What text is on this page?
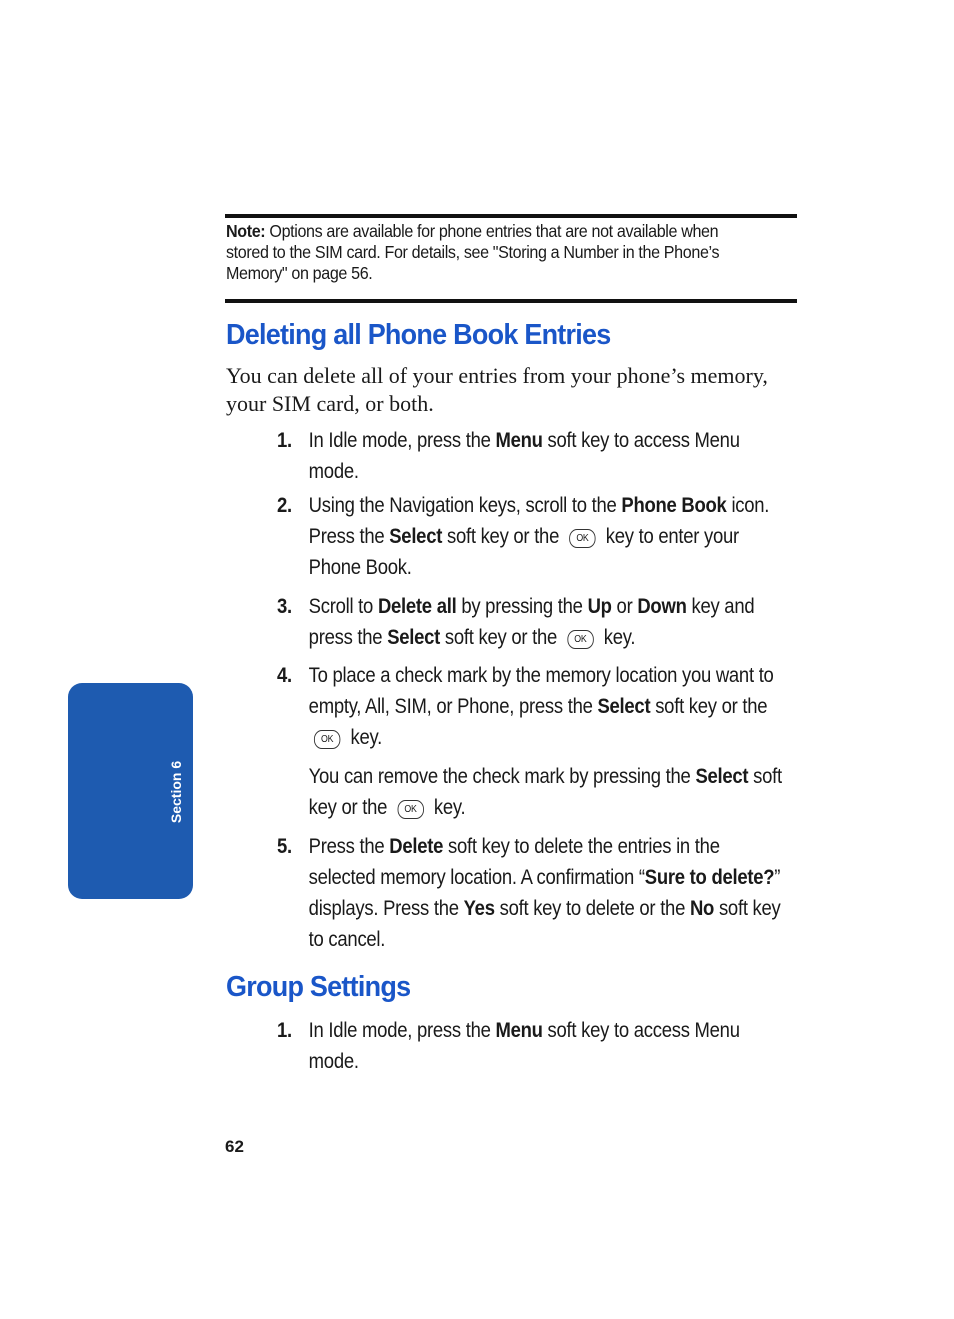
Note: Options are available for phone entries that are not available when stored to the SIM card. For details, see "Storing a Number in the Phone’s Memory" on page 56.
Deleting all Phone Book Entries
You can delete all of your entries from your phone’s memory, your SIM card, or both.
1. In Idle mode, press the Menu soft key to access Menu mode.
2. Using the Navigation keys, scroll to the Phone Book icon. Press the Select soft key or the OK key to enter your Phone Book.
3. Scroll to Delete all by pressing the Up or Down key and press the Select soft key or the OK key.
4. To place a check mark by the memory location you want to empty, All, SIM, or Phone, press the Select soft key or the OK key.
You can remove the check mark by pressing the Select soft key or the OK key.
5. Press the Delete soft key to delete the entries in the selected memory location. A confirmation “Sure to delete?” displays. Press the Yes soft key to delete or the No soft key to cancel.
Group Settings
1. In Idle mode, press the Menu soft key to access Menu mode.
Section 6
62
